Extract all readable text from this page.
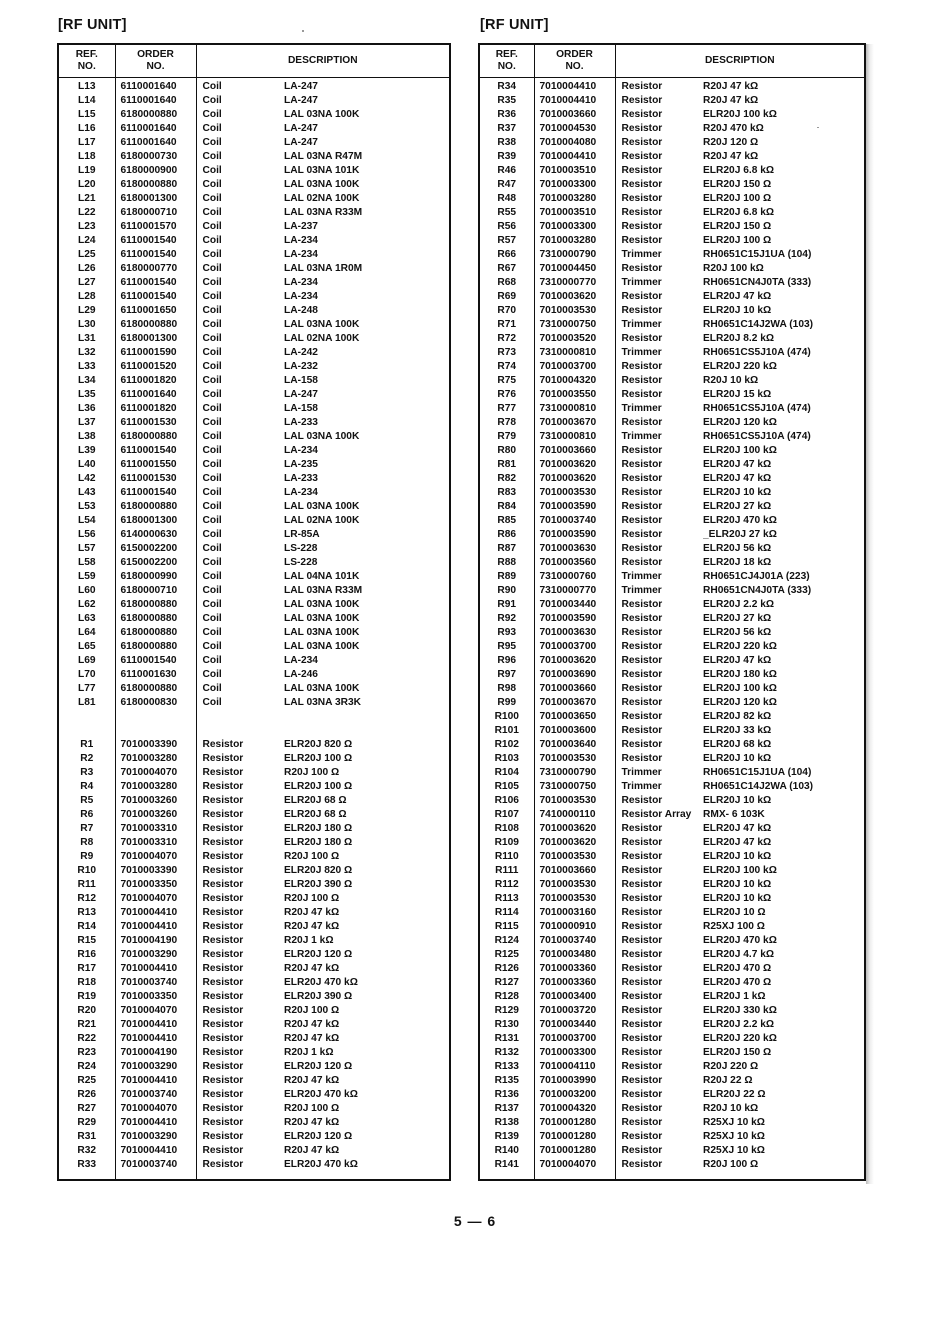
[RF UNIT]	[RF UNIT]
REF.
NO.	ORDER
NO.	DESCRIPTION	
L13	6110001640	Coil	LA-247
L14	6110001640	Coil	LA-247
L15	6180000880	Coil	LAL 03NA 100K
L16	6110001640	Coil	LA-247
L17	6110001640	Coil	LA-247
L18	6180000730	Coil	LAL 03NA R47M
L19	6180000900	Coil	LAL 03NA 101K
L20	6180000880	Coil	LAL 03NA 100K
L21	6180001300	Coil	LAL 02NA 100K
L22	6180000710	Coil	LAL 03NA R33M
L23	6110001570	Coil	LA-237
L24	6110001540	Coil	LA-234
L25	6110001540	Coil	LA-234
L26	6180000770	Coil	LAL 03NA 1R0M
L27	6110001540	Coil	LA-234
L28	6110001540	Coil	LA-234
L29	6110001650	Coil	LA-248
L30	6180000880	Coil	LAL 03NA 100K
L31	6180001300	Coil	LAL 02NA 100K
L32	6110001590	Coil	LA-242
L33	6110001520	Coil	LA-232
L34	6110001820	Coil	LA-158
L35	6110001640	Coil	LA-247
L36	6110001820	Coil	LA-158
L37	6110001530	Coil	LA-233
L38	6180000880	Coil	LAL 03NA 100K
L39	6110001540	Coil	LA-234
L40	6110001550	Coil	LA-235
L42	6110001530	Coil	LA-233
L43	6110001540	Coil	LA-234
L53	6180000880	Coil	LAL 03NA 100K
L54	6180001300	Coil	LAL 02NA 100K
L56	6140000630	Coil	LR-85A
L57	6150002200	Coil	LS-228
L58	6150002200	Coil	LS-228
L59	6180000990	Coil	LAL 04NA 101K
L60	6180000710	Coil	LAL 03NA R33M
L62	6180000880	Coil	LAL 03NA 100K
L63	6180000880	Coil	LAL 03NA 100K
L64	6180000880	Coil	LAL 03NA 100K
L65	6180000880	Coil	LAL 03NA 100K
L69	6110001540	Coil	LA-234
L70	6110001630	Coil	LA-246
L77	6180000880	Coil	LAL 03NA 100K
L81	6180000830	Coil	LAL 03NA 3R3K

R1	7010003390	Resistor	ELR20J 820 Ω
R2	7010003280	Resistor	ELR20J 100 Ω
R3	7010004070	Resistor	R20J 100 Ω
R4	7010003280	Resistor	ELR20J 100 Ω
R5	7010003260	Resistor	ELR20J 68 Ω
R6	7010003260	Resistor	ELR20J 68 Ω
R7	7010003310	Resistor	ELR20J 180 Ω
R8	7010003310	Resistor	ELR20J 180 Ω
R9	7010004070	Resistor	R20J 100 Ω
R10	7010003390	Resistor	ELR20J 820 Ω
R11	7010003350	Resistor	ELR20J 390 Ω
R12	7010004070	Resistor	R20J 100 Ω
R13	7010004410	Resistor	R20J 47 kΩ
R14	7010004410	Resistor	R20J 47 kΩ
R15	7010004190	Resistor	R20J 1 kΩ
R16	7010003290	Resistor	ELR20J 120 Ω
R17	7010004410	Resistor	R20J 47 kΩ
R18	7010003740	Resistor	ELR20J 470 kΩ
R19	7010003350	Resistor	ELR20J 390 Ω
R20	7010004070	Resistor	R20J 100 Ω
R21	7010004410	Resistor	R20J 47 kΩ
R22	7010004410	Resistor	R20J 47 kΩ
R23	7010004190	Resistor	R20J 1 kΩ
R24	7010003290	Resistor	ELR20J 120 Ω
R25	7010004410	Resistor	R20J 47 kΩ
R26	7010003740	Resistor	ELR20J 470 kΩ
R27	7010004070	Resistor	R20J 100 Ω
R29	7010004410	Resistor	R20J 47 kΩ
R31	7010003290	Resistor	ELR20J 120 Ω
R32	7010004410	Resistor	R20J 47 kΩ
R33	7010003740	Resistor	ELR20J 470 kΩ

REF.
NO.	ORDER
NO.	DESCRIPTION	
R34	7010004410	Resistor	R20J 47 kΩ
R35	7010004410	Resistor	R20J 47 kΩ
R36	7010003660	Resistor	ELR20J 100 kΩ
R37	7010004530	Resistor	R20J 470 kΩ
R38	7010004080	Resistor	R20J 120 Ω
R39	7010004410	Resistor	R20J 47 kΩ
R46	7010003510	Resistor	ELR20J 6.8 kΩ
R47	7010003300	Resistor	ELR20J 150 Ω
R48	7010003280	Resistor	ELR20J 100 Ω
R55	7010003510	Resistor	ELR20J 6.8 kΩ
R56	7010003300	Resistor	ELR20J 150 Ω
R57	7010003280	Resistor	ELR20J 100 Ω
R66	7310000790	Trimmer	RH0651C15J1UA (104)
R67	7010004450	Resistor	R20J 100 kΩ
R68	7310000770	Trimmer	RH0651CN4J0TA (333)
R69	7010003620	Resistor	ELR20J 47 kΩ
R70	7010003530	Resistor	ELR20J 10 kΩ
R71	7310000750	Trimmer	RH0651C14J2WA (103)
R72	7010003520	Resistor	ELR20J 8.2 kΩ
R73	7310000810	Trimmer	RH0651CS5J10A (474)
R74	7010003700	Resistor	ELR20J 220 kΩ
R75	7010004320	Resistor	R20J 10 kΩ
R76	7010003550	Resistor	ELR20J 15 kΩ
R77	7310000810	Trimmer	RH0651CS5J10A (474)
R78	7010003670	Resistor	ELR20J 120 kΩ
R79	7310000810	Trimmer	RH0651CS5J10A (474)
R80	7010003660	Resistor	ELR20J 100 kΩ
R81	7010003620	Resistor	ELR20J 47 kΩ
R82	7010003620	Resistor	ELR20J 47 kΩ
R83	7010003530	Resistor	ELR20J 10 kΩ
R84	7010003590	Resistor	ELR20J 27 kΩ
R85	7010003740	Resistor	ELR20J 470 kΩ
R86	7010003590	Resistor	_ELR20J 27 kΩ
R87	7010003630	Resistor	ELR20J 56 kΩ
R88	7010003560	Resistor	ELR20J 18 kΩ
R89	7310000760	Trimmer	RH0651CJ4J01A (223)
R90	7310000770	Trimmer	RH0651CN4J0TA (333)
R91	7010003440	Resistor	ELR20J 2.2 kΩ
R92	7010003590	Resistor	ELR20J 27 kΩ
R93	7010003630	Resistor	ELR20J 56 kΩ
R95	7010003700	Resistor	ELR20J 220 kΩ
R96	7010003620	Resistor	ELR20J 47 kΩ
R97	7010003690	Resistor	ELR20J 180 kΩ
R98	7010003660	Resistor	ELR20J 100 kΩ
R99	7010003670	Resistor	ELR20J 120 kΩ
R100	7010003650	Resistor	ELR20J 82 kΩ
R101	7010003600	Resistor	ELR20J 33 kΩ
R102	7010003640	Resistor	ELR20J 68 kΩ
R103	7010003530	Resistor	ELR20J 10 kΩ
R104	7310000790	Trimmer	RH0651C15J1UA (104)
R105	7310000750	Trimmer	RH0651C14J2WA (103)
R106	7010003530	Resistor	ELR20J 10 kΩ
R107	7410000110	Resistor Array	RMX- 6 103K
R108	7010003620	Resistor	ELR20J 47 kΩ
R109	7010003620	Resistor	ELR20J 47 kΩ
R110	7010003530	Resistor	ELR20J 10 kΩ
R111	7010003660	Resistor	ELR20J 100 kΩ
R112	7010003530	Resistor	ELR20J 10 kΩ
R113	7010003530	Resistor	ELR20J 10 kΩ
R114	7010003160	Resistor	ELR20J 10 Ω
R115	7010000910	Resistor	R25XJ 100 Ω
R124	7010003740	Resistor	ELR20J 470 kΩ
R125	7010003480	Resistor	ELR20J 4.7 kΩ
R126	7010003360	Resistor	ELR20J 470 Ω
R127	7010003360	Resistor	ELR20J 470 Ω
R128	7010003400	Resistor	ELR20J 1 kΩ
R129	7010003720	Resistor	ELR20J 330 kΩ
R130	7010003440	Resistor	ELR20J 2.2 kΩ
R131	7010003700	Resistor	ELR20J 220 kΩ
R132	7010003300	Resistor	ELR20J 150 Ω
R133	7010004110	Resistor	R20J 220 Ω
R135	7010003990	Resistor	R20J 22 Ω
R136	7010003200	Resistor	ELR20J 22 Ω
R137	7010004320	Resistor	R20J 10 kΩ
R138	7010001280	Resistor	R25XJ 10 kΩ
R139	7010001280	Resistor	R25XJ 10 kΩ
R140	7010001280	Resistor	R25XJ 10 kΩ
R141	7010004070	Resistor	R20J 100 Ω

5 — 6
